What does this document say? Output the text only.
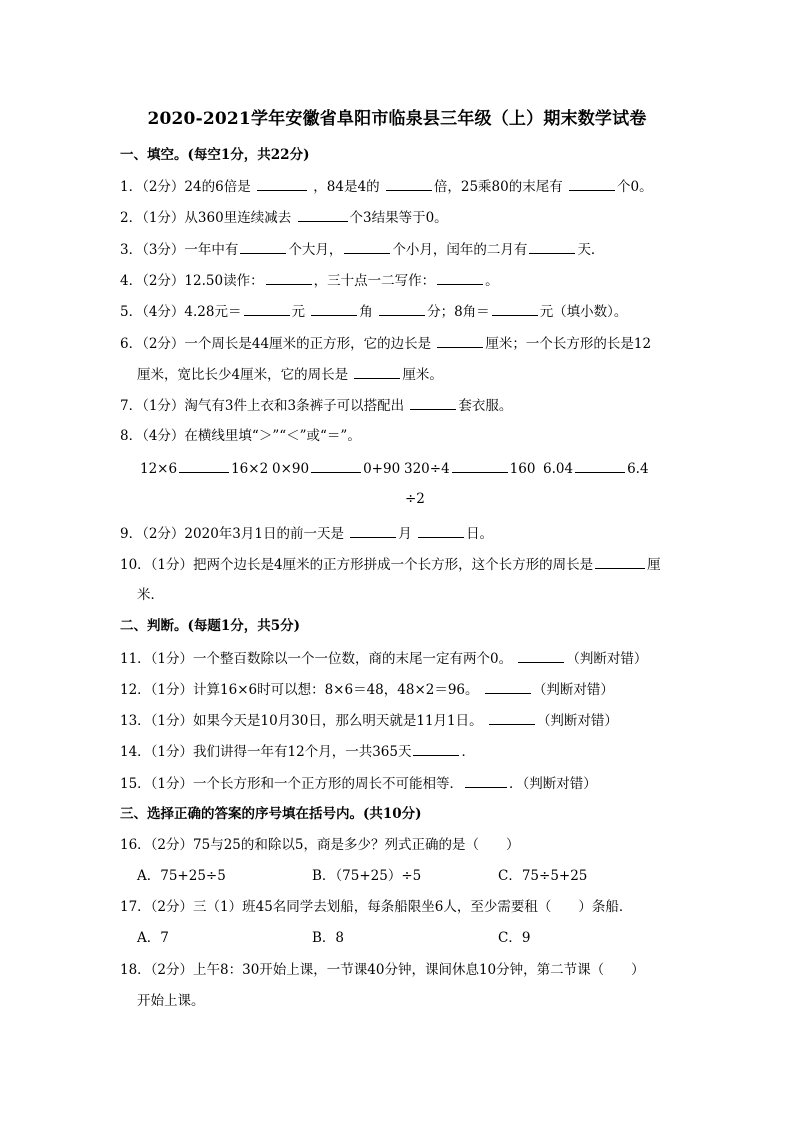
2020-2021学年安徽省阜阳市临泉县三年级（上）期末数学试卷
一、填空。(每空1分，共22分)
1．（2分）24的6倍是	，84是4的	倍，25乘80的末尾有	个0。
2．（1分）从360里连续减去	个3结果等于0。
3．（3分）一年中有	个大月，	个小月，闰年的二月有	天．
4．（2分）12.50读作：	，三十点一二写作：	。
5．（4分）4.28元＝	元	角	分；8角＝	元（填小数）。
6．（2分）一个周长是44厘米的正方形，它的边长是	厘米；一个长方形的长是12
厘米，宽比长少4厘米，它的周长是	厘米。
7．（1分）淘气有3件上衣和3条裤子可以搭配出	套衣服。
8．（4分）在横线里填“＞”“＜”或“＝”。
12×6	16×2 0×90	0+90 320÷4	160 6.04	6.4
÷2
9．（2分）2020年3月1日的前一天是	月	日。
10．（1分）把两个边长是4厘米的正方形拼成一个长方形，这个长方形的周长是	厘
米．
二、判断。(每题1分，共5分)
11．（1分）一个整百数除以一个一位数，商的末尾一定有两个0。	（判断对错）
12．（1分）计算16×6时可以想：8×6＝48，48×2＝96。	（判断对错）
13．（1分）如果今天是10月30日，那么明天就是11月1日。	（判断对错）
14．（1分）我们讲得一年有12个月，一共365天	．
15．（1分）一个长方形和一个正方形的周长不可能相等．	．（判断对错）
三、选择正确的答案的序号填在括号内。(共10分)
16．（2分）75与25的和除以5，商是多少？列式正确的是（　　）
A．75+25÷5	B．（75+25）÷5	C．75÷5+25
17．（2分）三（1）班45名同学去划船，每条船限坐6人，至少需要租（　　）条船．
A．7	B．8	C．9
18．（2分）上午8：30开始上课，一节课40分钟，课间休息10分钟，第二节课（　　）
开始上课。
